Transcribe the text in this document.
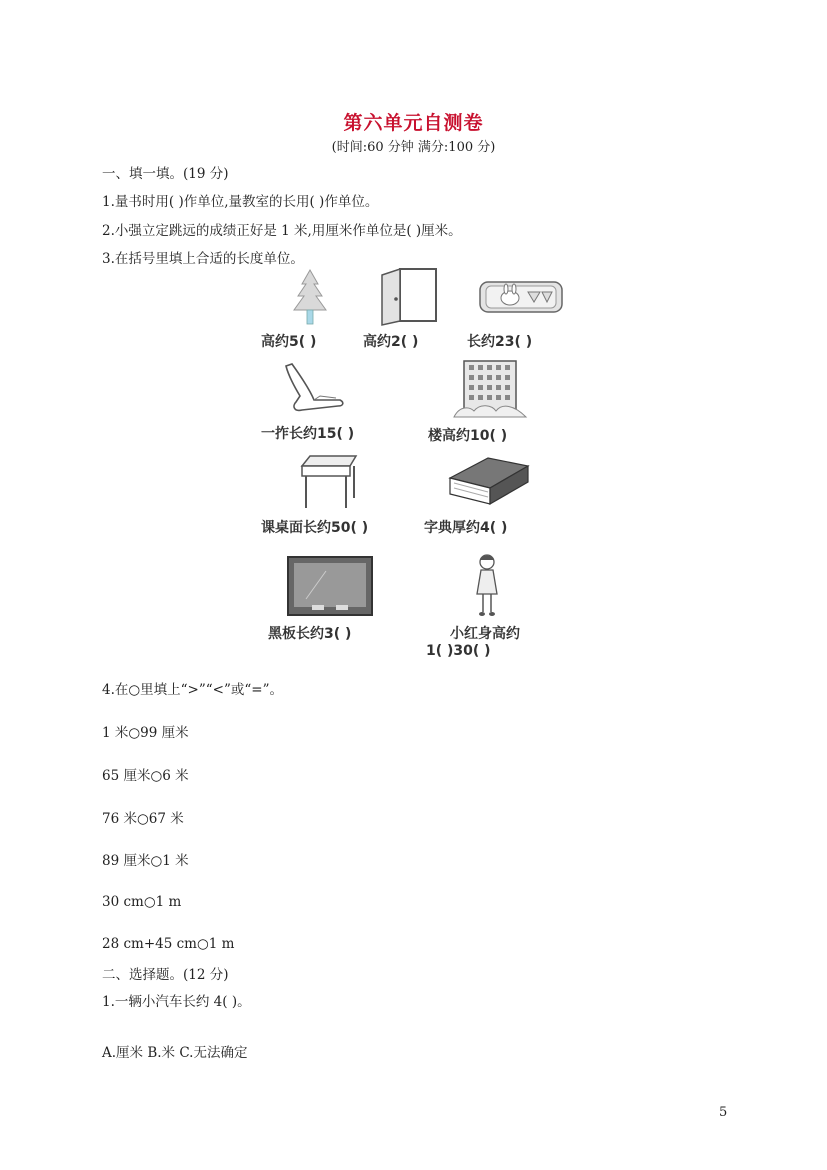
第六单元自测卷
(时间:60 分钟 满分:100 分)
一、填一填。(19 分)
1.量书时用( )作单位,量教室的长用( )作单位。
2.小强立定跳远的成绩正好是 1 米,用厘米作单位是( )厘米。
3.在括号里填上合适的长度单位。
高约5( )	高约2( )	长约23( )
一拃长约15( )	楼高约10( )
课桌面长约50( )	字典厚约4( )
黑板长约3( )	小红身高约
1( )30( )
4.在○里填上“>”“<”或“=”。
1 米○99 厘米
65 厘米○6 米
76 米○67 米
89 厘米○1 米
30 cm○1 m
28 cm+45 cm○1 m
二、选择题。(12 分)
1.一辆小汽车长约 4( )。
A.厘米 B.米 C.无法确定
5
